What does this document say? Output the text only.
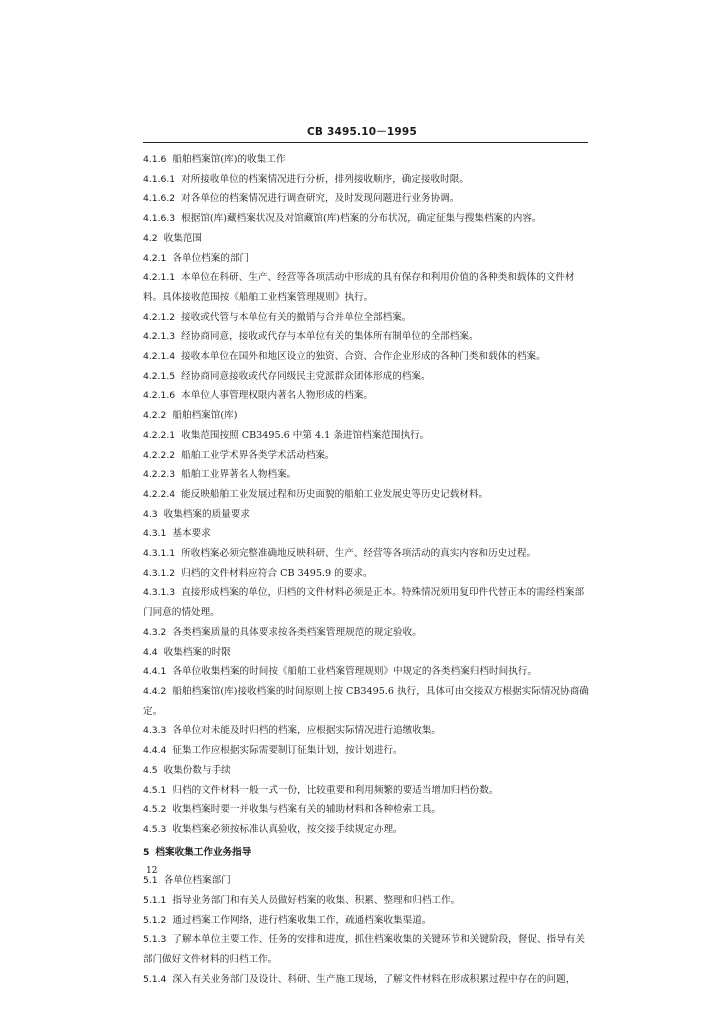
CB 3495.10－1995
4.1.6 船舶档案馆(库)的收集工作
4.1.6.1 对所接收单位的档案情况进行分析，排列接收顺序，确定接收时限。
4.1.6.2 对各单位的档案情况进行调查研究，及时发现问题进行业务协调。
4.1.6.3 根据馆(库)藏档案状况及对馆藏馆(库)档案的分布状况，确定征集与搜集档案的内容。
4.2 收集范围
4.2.1 各单位档案的部门
4.2.1.1 本单位在科研、生产、经营等各项活动中形成的具有保存和利用价值的各种类和载体的文件材料。具体接收范围按《船舶工业档案管理规则》执行。
4.2.1.2 接收或代管与本单位有关的撤销与合并单位全部档案。
4.2.1.3 经协商同意，接收或代存与本单位有关的集体所有制单位的全部档案。
4.2.1.4 接收本单位在国外和地区设立的独资、合资、合作企业形成的各种门类和载体的档案。
4.2.1.5 经协商同意接收或代存同级民主党派群众团体形成的档案。
4.2.1.6 本单位人事管理权限内著名人物形成的档案。
4.2.2 船舶档案馆(库)
4.2.2.1 收集范围按照 CB3495.6 中第 4.1 条进馆档案范围执行。
4.2.2.2 船舶工业学术界各类学术活动档案。
4.2.2.3 船舶工业界著名人物档案。
4.2.2.4 能反映船舶工业发展过程和历史面貌的船舶工业发展史等历史记载材料。
4.3 收集档案的质量要求
4.3.1 基本要求
4.3.1.1 所收档案必须完整准确地反映科研、生产、经营等各项活动的真实内容和历史过程。
4.3.1.2 归档的文件材料应符合 CB 3495.9 的要求。
4.3.1.3 直接形成档案的单位，归档的文件材料必须是正本。特殊情况须用复印件代替正本的需经档案部门同意的情处理。
4.3.2 各类档案质量的具体要求按各类档案管理规范的规定验收。
4.4 收集档案的时限
4.4.1 各单位收集档案的时间按《船舶工业档案管理规则》中规定的各类档案归档时间执行。
4.4.2 船舶档案馆(库)接收档案的时间原则上按 CB3495.6 执行，具体可由交接双方根据实际情况协商确定。
4.3.3 各单位对未能及时归档的档案，应根据实际情况进行追缴收集。
4.4.4 征集工作应根据实际需要制订征集计划，按计划进行。
4.5 收集份数与手续
4.5.1 归档的文件材料一般一式一份，比较重要和利用频繁的要适当增加归档份数。
4.5.2 收集档案时要一并收集与档案有关的辅助材料和各种检索工具。
4.5.3 收集档案必须按标准认真验收，按交接手续规定办理。
5 档案收集工作业务指导
5.1 各单位档案部门
5.1.1 指导业务部门和有关人员做好档案的收集、积累、整理和归档工作。
5.1.2 通过档案工作网络，进行档案收集工作，疏通档案收集渠道。
5.1.3 了解本单位主要工作、任务的安排和进度，抓住档案收集的关键环节和关键阶段，督促、指导有关部门做好文件材料的归档工作。
5.1.4 深入有关业务部门及设计、科研、生产施工现场，了解文件材料在形成积累过程中存在的问题，
12
